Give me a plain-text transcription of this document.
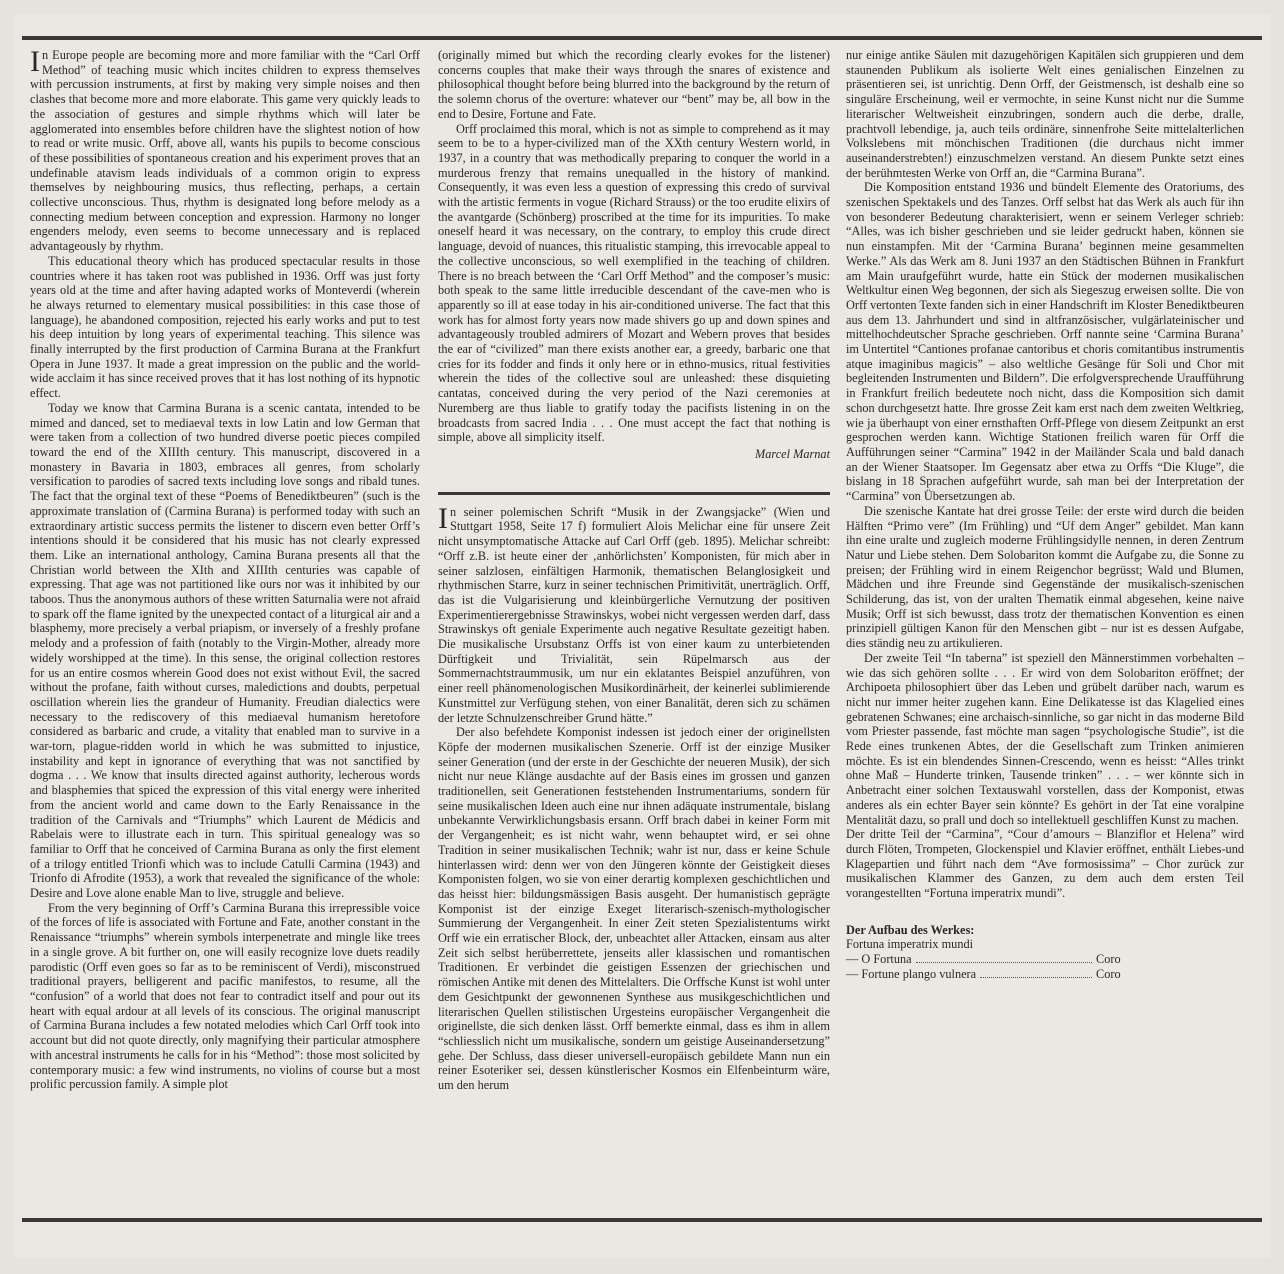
In Europe people are becoming more and more familiar with the “Carl Orff Method” of teaching music which incites children to express themselves with percussion instruments, at first by making very simple noises and then clashes that become more and more elaborate. This game very quickly leads to the association of gestures and simple rhythms which will later be agglomerated into ensembles before children have the slightest notion of how to read or write music. Orff, above all, wants his pupils to become conscious of these possibilities of spontaneous creation and his experiment proves that an undefinable atavism leads individuals of a common origin to express themselves by neighbouring musics, thus reflecting, perhaps, a certain collective unconscious. Thus, rhythm is designated long before melody as a connecting medium between conception and expression. Harmony no longer engenders melody, even seems to become unnecessary and is replaced advantageously by rhythm.

This educational theory which has produced spectacular results in those countries where it has taken root was published in 1936. Orff was just forty years old at the time and after having adapted works of Monteverdi (wherein he always returned to elementary musical possibilities: in this case those of language), he abandoned composition, rejected his early works and put to test his deep intuition by long years of experimental teaching. This silence was finally interrupted by the first production of Carmina Burana at the Frankfurt Opera in June 1937. It made a great impression on the public and the world-wide acclaim it has since received proves that it has lost nothing of its hypnotic effect.

Today we know that Carmina Burana is a scenic cantata, intended to be mimed and danced, set to mediaeval texts in low Latin and low German that were taken from a collection of two hundred diverse poetic pieces compiled toward the end of the XIIIth century. This manuscript, discovered in a monastery in Bavaria in 1803, embraces all genres, from scholarly versification to parodies of sacred texts including love songs and ribald tunes. The fact that the orginal text of these “Poems of Benediktbeuren” (such is the approximate translation of (Carmina Burana) is performed today with such an extraordinary artistic success permits the listener to discern even better Orff’s intentions should it be considered that his music has not clearly expressed them. Like an international anthology, Camina Burana presents all that the Christian world between the XIth and XIIIth centuries was capable of expressing. That age was not partitioned like ours nor was it inhibited by our taboos. Thus the anonymous authors of these written Saturnalia were not afraid to spark off the flame ignited by the unexpected contact of a liturgical air and a blasphemy, more precisely a verbal priapism, or inversely of a freshly profane melody and a profession of faith (notably to the Virgin-Mother, already more widely worshipped at the time). In this sense, the original collection restores for us an entire cosmos wherein Good does not exist without Evil, the sacred without the profane, faith without curses, maledictions and doubts, perpetual oscillation wherein lies the grandeur of Humanity. Freudian dialectics were necessary to the rediscovery of this mediaeval humanism heretofore considered as barbaric and crude, a vitality that enabled man to survive in a war-torn, plague-ridden world in which he was submitted to injustice, instability and kept in ignorance of everything that was not sanctified by dogma . . . We know that insults directed against authority, lecherous words and blasphemies that spiced the expression of this vital energy were inherited from the ancient world and came down to the Early Renaissance in the tradition of the Carnivals and “Triumphs” which Laurent de Médicis and Rabelais were to illustrate each in turn. This spiritual genealogy was so familiar to Orff that he conceived of Carmina Burana as only the first element of a trilogy entitled Trionfi which was to include Catulli Carmina (1943) and Trionfo di Afrodite (1953), a work that revealed the significance of the whole: Desire and Love alone enable Man to live, struggle and believe.

From the very beginning of Orff’s Carmina Burana this irrepressible voice of the forces of life is associated with Fortune and Fate, another constant in the Renaissance “triumphs” wherein symbols interpenetrate and mingle like trees in a single grove. A bit further on, one will easily recognize love duets readily parodistic (Orff even goes so far as to be reminiscent of Verdi), misconstrued traditional prayers, belligerent and pacific manifestos, to resume, all the “confusion” of a world that does not fear to contradict itself and pour out its heart with equal ardour at all levels of its conscious. The original manuscript of Carmina Burana includes a few notated melodies which Carl Orff took into account but did not quote directly, only magnifying their particular atmosphere with ancestral instruments he calls for in his “Method”: those most solicited by contemporary music: a few wind instruments, no violins of course but a most prolific percussion family. A simple plot

(originally mimed but which the recording clearly evokes for the listener) concerns couples that make their ways through the snares of existence and philosophical thought before being blurred into the background by the return of the solemn chorus of the overture: whatever our “bent” may be, all bow in the end to Desire, Fortune and Fate.

Orff proclaimed this moral, which is not as simple to comprehend as it may seem to be to a hyper-civilized man of the XXth century Western world, in 1937, in a country that was methodically preparing to conquer the world in a murderous frenzy that remains unequalled in the history of mankind. Consequently, it was even less a question of expressing this credo of survival with the artistic ferments in vogue (Richard Strauss) or the too erudite elixirs of the avantgarde (Schönberg) proscribed at the time for its impurities. To make oneself heard it was necessary, on the contrary, to employ this crude direct language, devoid of nuances, this ritualistic stamping, this irrevocable appeal to the collective unconscious, so well exemplified in the teaching of children. There is no breach between the ‘Carl Orff Method” and the composer’s music: both speak to the same little irreducible descendant of the cave-men who is apparently so ill at ease today in his air-conditioned universe. The fact that this work has for almost forty years now made shivers go up and down spines and advantageously troubled admirers of Mozart and Webern proves that besides the ear of “civilized” man there exists another ear, a greedy, barbaric one that cries for its fodder and finds it only here or in ethno-musics, ritual festivities wherein the tides of the collective soul are unleashed: these disquieting cantatas, conceived during the very period of the Nazi ceremonies at Nuremberg are thus liable to gratify today the pacifists listening in on the broadcasts from sacred India . . . One must accept the fact that nothing is simple, above all simplicity itself.

Marcel Marnat

In seiner polemischen Schrift “Musik in der Zwangsjacke” (Wien und Stuttgart 1958, Seite 17 f) formuliert Alois Melichar eine für unsere Zeit nicht unsymptomatische Attacke auf Carl Orff (geb. 1895). Melichar schreibt: “Orff z.B. ist heute einer der ‚anhörlichsten’ Komponisten, für mich aber in seiner salzlosen, einfältigen Harmonik, thematischen Belanglosigkeit und rhythmischen Starre, kurz in seiner technischen Primitivität, unerträglich. Orff, das ist die Vulgarisierung und kleinbürgerliche Vernutzung der positiven Experimentierergebnisse Strawinskys, wobei nicht vergessen werden darf, dass Strawinskys oft geniale Experimente auch negative Resultate gezeitigt haben. Die musikalische Ursubstanz Orffs ist von einer kaum zu unterbietenden Dürftigkeit und Trivialität, sein Rüpelmarsch aus der Sommernachtstraummusik, um nur ein eklatantes Beispiel anzuführen, von einer reell phänomenologischen Musikordinärheit, der keinerlei sublimierende Kunstmittel zur Verfügung stehen, von einer Banalität, deren sich zu schämen der letzte Schnulzenschreiber Grund hätte.”

Der also befehdete Komponist indessen ist jedoch einer der originellsten Köpfe der modernen musikalischen Szenerie. Orff ist der einzige Musiker seiner Generation (und der erste in der Geschichte der neueren Musik), der sich nicht nur neue Klänge ausdachte auf der Basis eines im grossen und ganzen traditionellen, seit Generationen feststehenden Instrumentariums, sondern für seine musikalischen Ideen auch eine nur ihnen adäquate instrumentale, bislang unbekannte Verwirklichungsbasis ersann. Orff brach dabei in keiner Form mit der Vergangenheit; es ist nicht wahr, wenn behauptet wird, er sei ohne Tradition in seiner musikalischen Technik; wahr ist nur, dass er keine Schule hinterlassen wird: denn wer von den Jüngeren könnte der Geistigkeit dieses Komponisten folgen, wo sie von einer derartig komplexen geschichtlichen und das heisst hier: bildungsmässigen Basis ausgeht. Der humanistisch geprägte Komponist ist der einzige Exeget literarisch-szenisch-mythologischer Summierung der Vergangenheit. In einer Zeit steten Spezialistentums wirkt Orff wie ein erratischer Block, der, unbeachtet aller Attacken, einsam aus alter Zeit sich selbst herüberrettete, jenseits aller klassischen und romantischen Traditionen. Er verbindet die geistigen Essenzen der griechischen und römischen Antike mit denen des Mittelalters. Die Orffsche Kunst ist wohl unter dem Gesichtpunkt der gewonnenen Synthese aus musikgeschichtlichen und literarischen Quellen stilistischen Urgesteins europäischer Vergangenheit die originellste, die sich denken lässt. Orff bemerkte einmal, dass es ihm in allem “schliesslich nicht um musikalische, sondern um geistige Auseinandersetzung” gehe. Der Schluss, dass dieser universell-europäisch gebildete Mann nun ein reiner Esoteriker sei, dessen künstlerischer Kosmos ein Elfenbeinturm wäre, um den herum

nur einige antike Säulen mit dazugehörigen Kapitälen sich gruppieren und dem staunenden Publikum als isolierte Welt eines genialischen Einzelnen zu präsentieren sei, ist unrichtig. Denn Orff, der Geistmensch, ist deshalb eine so singuläre Erscheinung, weil er vermochte, in seine Kunst nicht nur die Summe literarischer Weltweisheit einzubringen, sondern auch die derbe, dralle, prachtvoll lebendige, ja, auch teils ordinäre, sinnenfrohe Seite mittelalterlichen Volkslebens mit mönchischen Traditionen (die durchaus nicht immer auseinanderstrebten!) einzuschmelzen verstand. An diesem Punkte setzt eines der berühmtesten Werke von Orff an, die “Carmina Burana”.

Die Komposition entstand 1936 und bündelt Elemente des Oratoriums, des szenischen Spektakels und des Tanzes. Orff selbst hat das Werk als auch für ihn von besonderer Bedeutung charakterisiert, wenn er seinem Verleger schrieb: “Alles, was ich bisher geschrieben und sie leider gedruckt haben, können sie nun einstampfen. Mit der ‘Carmina Burana’ beginnen meine gesammelten Werke.” Als das Werk am 8. Juni 1937 an den Städtischen Bühnen in Frankfurt am Main uraufgeführt wurde, hatte ein Stück der modernen musikalischen Weltkultur einen Weg begonnen, der sich als Siegeszug erweisen sollte. Die von Orff vertonten Texte fanden sich in einer Handschrift im Kloster Benediktbeuren aus dem 13. Jahrhundert und sind in altfranzösischer, vulgärlateinischer und mittelhochdeutscher Sprache geschrieben. Orff nannte seine ‘Carmina Burana’ im Untertitel “Cantiones profanae cantoribus et choris comitantibus instrumentis atque imaginibus magicis” – also weltliche Gesänge für Soli und Chor mit begleitenden Instrumenten und Bildern”. Die erfolgversprechende Uraufführung in Frankfurt freilich bedeutete noch nicht, dass die Komposition sich damit schon durchgesetzt hatte. Ihre grosse Zeit kam erst nach dem zweiten Weltkrieg, wie ja überhaupt von einer ernsthaften Orff-Pflege von diesem Zeitpunkt an erst gesprochen werden kann. Wichtige Stationen freilich waren für Orff die Aufführungen seiner “Carmina” 1942 in der Mailänder Scala und bald danach an der Wiener Staatsoper. Im Gegensatz aber etwa zu Orffs “Die Kluge”, die bislang in 18 Sprachen aufgeführt wurde, sah man bei der Interpretation der “Carmina” von Übersetzungen ab.

Die szenische Kantate hat drei grosse Teile: der erste wird durch die beiden Hälften “Primo vere” (Im Frühling) und “Uf dem Anger” gebildet. Man kann ihn eine uralte und zugleich moderne Frühlingsidylle nennen, in deren Zentrum Natur und Liebe stehen. Dem Solobariton kommt die Aufgabe zu, die Sonne zu preisen; der Frühling wird in einem Reigenchor begrüsst; Wald und Blumen, Mädchen und ihre Freunde sind Gegenstände der musikalisch-szenischen Schilderung, das ist, von der uralten Thematik einmal abgesehen, keine naive Musik; Orff ist sich bewusst, dass trotz der thematischen Konvention es einen prinzipiell gültigen Kanon für den Menschen gibt – nur ist es dessen Aufgabe, dies ständig neu zu artikulieren.

Der zweite Teil “In taberna” ist speziell den Männerstimmen vorbehalten – wie das sich gehören sollte . . . Er wird von dem Solobariton eröffnet; der Archipoeta philosophiert über das Leben und grübelt darüber nach, warum es nicht nur immer heiter zugehen kann. Eine Delikatesse ist das Klagelied eines gebratenen Schwanes; eine archaisch-sinnliche, so gar nicht in das moderne Bild vom Priester passende, fast möchte man sagen “psychologische Studie”, ist die Rede eines trunkenen Abtes, der die Gesellschaft zum Trinken animieren möchte. Es ist ein blendendes Sinnen-Crescendo, wenn es heisst: “Alles trinkt ohne Maß – Hunderte trinken, Tausende trinken” . . . – wer könnte sich in Anbetracht einer solchen Textauswahl vorstellen, dass der Komponist, etwas anderes als ein echter Bayer sein könnte? Es gehört in der Tat eine voralpine Mentalität dazu, so prall und doch so intellektuell geschliffen Kunst zu machen.

Der dritte Teil der “Carmina”, “Cour d’amours – Blanziflor et Helena” wird durch Flöten, Trompeten, Glockenspiel und Klavier eröffnet, enthält Liebes-und Klagepartien und führt nach dem “Ave formosissima” – Chor zurück zur musikalischen Klammer des Ganzen, zu dem auch dem ersten Teil vorangestellten “Fortuna imperatrix mundi”.

Der Aufbau des Werkes:
Fortuna imperatrix mundi
— O Fortuna	Coro
— Fortune plango vulnera	Coro
